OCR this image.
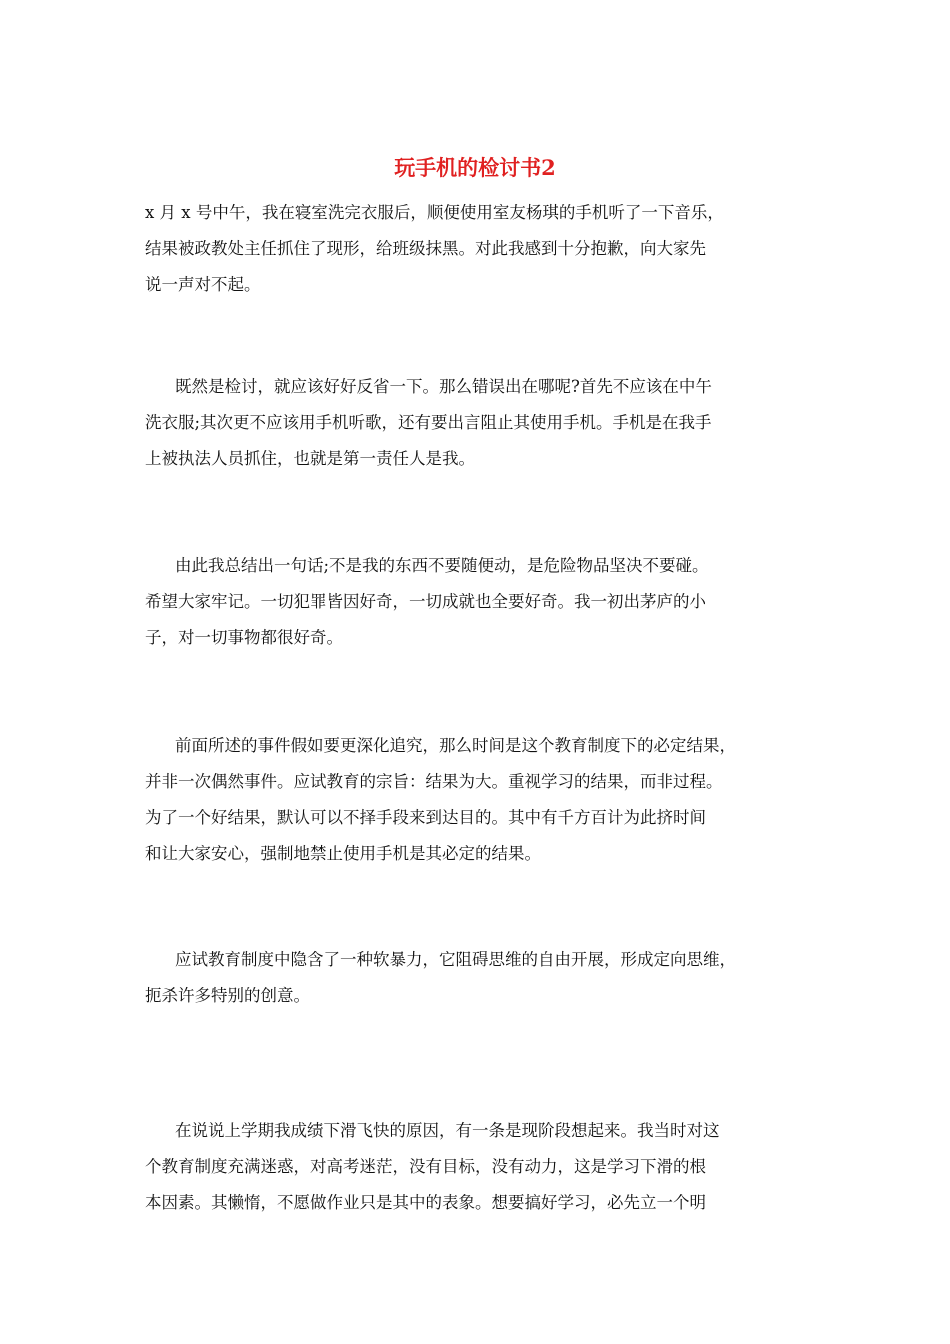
玩手机的检讨书2
x 月 x 号中午，我在寝室洗完衣服后，顺便使用室友杨琪的手机听了一下音乐，
结果被政教处主任抓住了现形，给班级抹黑。对此我感到十分抱歉，向大家先
说一声对不起。
既然是检讨，就应该好好反省一下。那么错误出在哪呢?首先不应该在中午
洗衣服;其次更不应该用手机听歌，还有要出言阻止其使用手机。手机是在我手
上被执法人员抓住，也就是第一责任人是我。
由此我总结出一句话;不是我的东西不要随便动，是危险物品坚决不要碰。
希望大家牢记。一切犯罪皆因好奇，一切成就也全要好奇。我一初出茅庐的小
子，对一切事物都很好奇。
前面所述的事件假如要更深化追究，那么时间是这个教育制度下的必定结果，
并非一次偶然事件。应试教育的宗旨：结果为大。重视学习的结果，而非过程。
为了一个好结果，默认可以不择手段来到达目的。其中有千方百计为此挤时间
和让大家安心，强制地禁止使用手机是其必定的结果。
应试教育制度中隐含了一种软暴力，它阻碍思维的自由开展，形成定向思维，
扼杀许多特别的创意。
在说说上学期我成绩下滑飞快的原因，有一条是现阶段想起来。我当时对这
个教育制度充满迷惑，对高考迷茫，没有目标，没有动力，这是学习下滑的根
本因素。其懒惰，不愿做作业只是其中的表象。想要搞好学习，必先立一个明
